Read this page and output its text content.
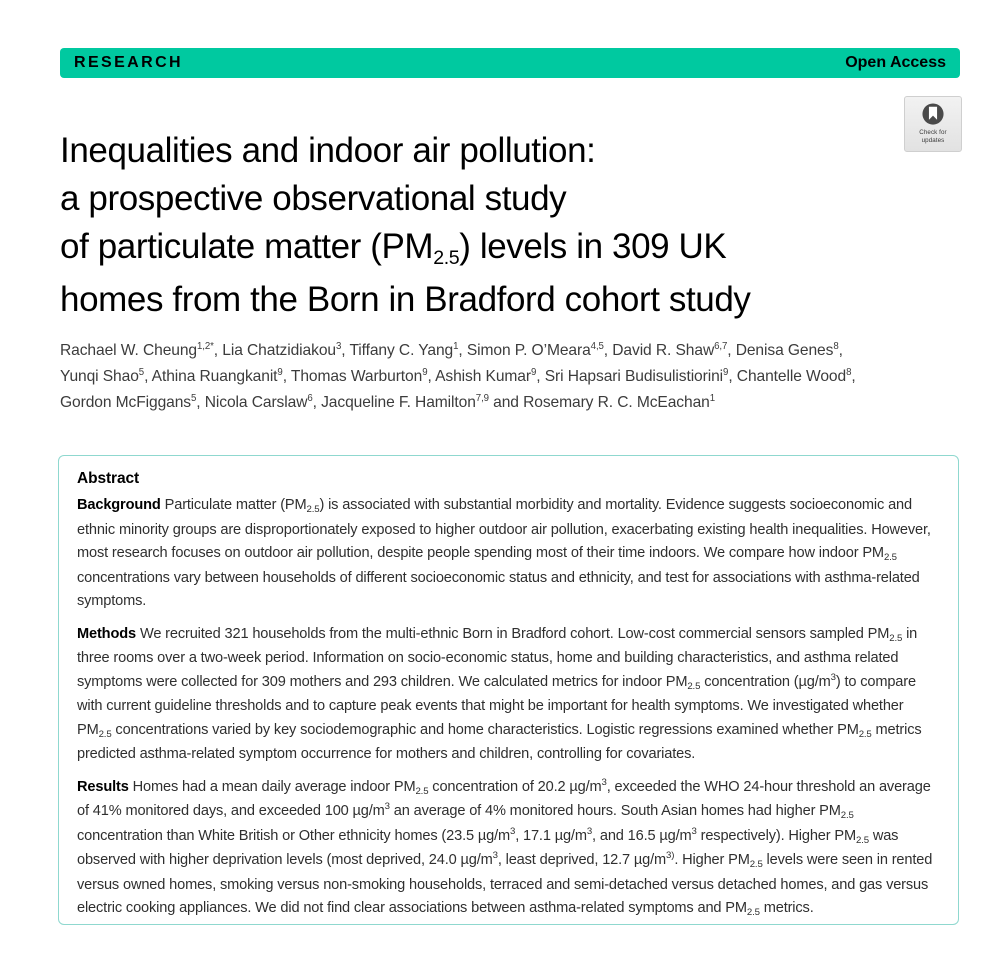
RESEARCH	Open Access
Check for
updates
Inequalities and indoor air pollution:
a prospective observational study
of particulate matter $(PM_{2.5})$ levels in 309 UK
homes from the Born in Bradford cohort study
Rachael W. Cheung$^{1,2*}$, Lia Chatzidiakou$^3$, Tiffany C. Yang$^1$, Simon P. O’Meara$^{4,5}$, David R. Shaw$^{6,7}$, Denisa Genes$^8$,
Yunqi Shao$^5$, Athina Ruangkanit$^9$, Thomas Warburton$^9$, Ashish Kumar$^9$, Sri Hapsari Budisulistiorini$^9$, Chantelle Wood$^8$,
Gordon McFiggans$^5$, Nicola Carslaw$^6$, Jacqueline F. Hamilton$^{7,9}$ and Rosemary R. C. McEachan$^1$
Abstract

Background Particulate matter $(PM_{2.5})$ is associated with substantial morbidity and mortality. Evidence suggests socioeconomic and ethnic minority groups are disproportionately exposed to higher outdoor air pollution, exacerbating existing health inequalities. However, most research focuses on outdoor air pollution, despite people spending most of their time indoors. We compare how indoor $PM_{2.5}$ concentrations vary between households of different socioeconomic status and ethnicity, and test for associations with asthma-related symptoms.

Methods We recruited 321 households from the multi-ethnic Born in Bradford cohort. Low-cost commercial sensors sampled $PM_{2.5}$ in three rooms over a two-week period. Information on socio-economic status, home and building characteristics, and asthma related symptoms were collected for 309 mothers and 293 children. We calculated metrics for indoor $PM_{2.5}$ concentration $(\mu g/m^3)$ to compare with current guideline thresholds and to capture peak events that might be important for health symptoms. We investigated whether $PM_{2.5}$ concentrations varied by key sociodemographic and home characteristics. Logistic regressions examined whether $PM_{2.5}$ metrics predicted asthma-related symptom occurrence for mothers and children, controlling for covariates.

Results Homes had a mean daily average indoor $PM_{2.5}$ concentration of 20.2 $\mu g/m^3$, exceeded the WHO 24-hour threshold an average of 41% monitored days, and exceeded 100 $\mu g/m^3$ an average of 4% monitored hours. South Asian homes had higher $PM_{2.5}$ concentration than White British or Other ethnicity homes (23.5 $\mu g/m^3$, 17.1 $\mu g/m^3$, and 16.5 $\mu g/m^3$ respectively). Higher $PM_{2.5}$ was observed with higher deprivation levels (most deprived, 24.0 $\mu g/m^3$, least deprived, 12.7 $\mu g/m^{3)}$. Higher $PM_{2.5}$ levels were seen in rented versus owned homes, smoking versus non-smoking households, terraced and semi-detached versus detached homes, and gas versus electric cooking appliances. We did not find clear associations between asthma-related symptoms and $PM_{2.5}$ metrics.
